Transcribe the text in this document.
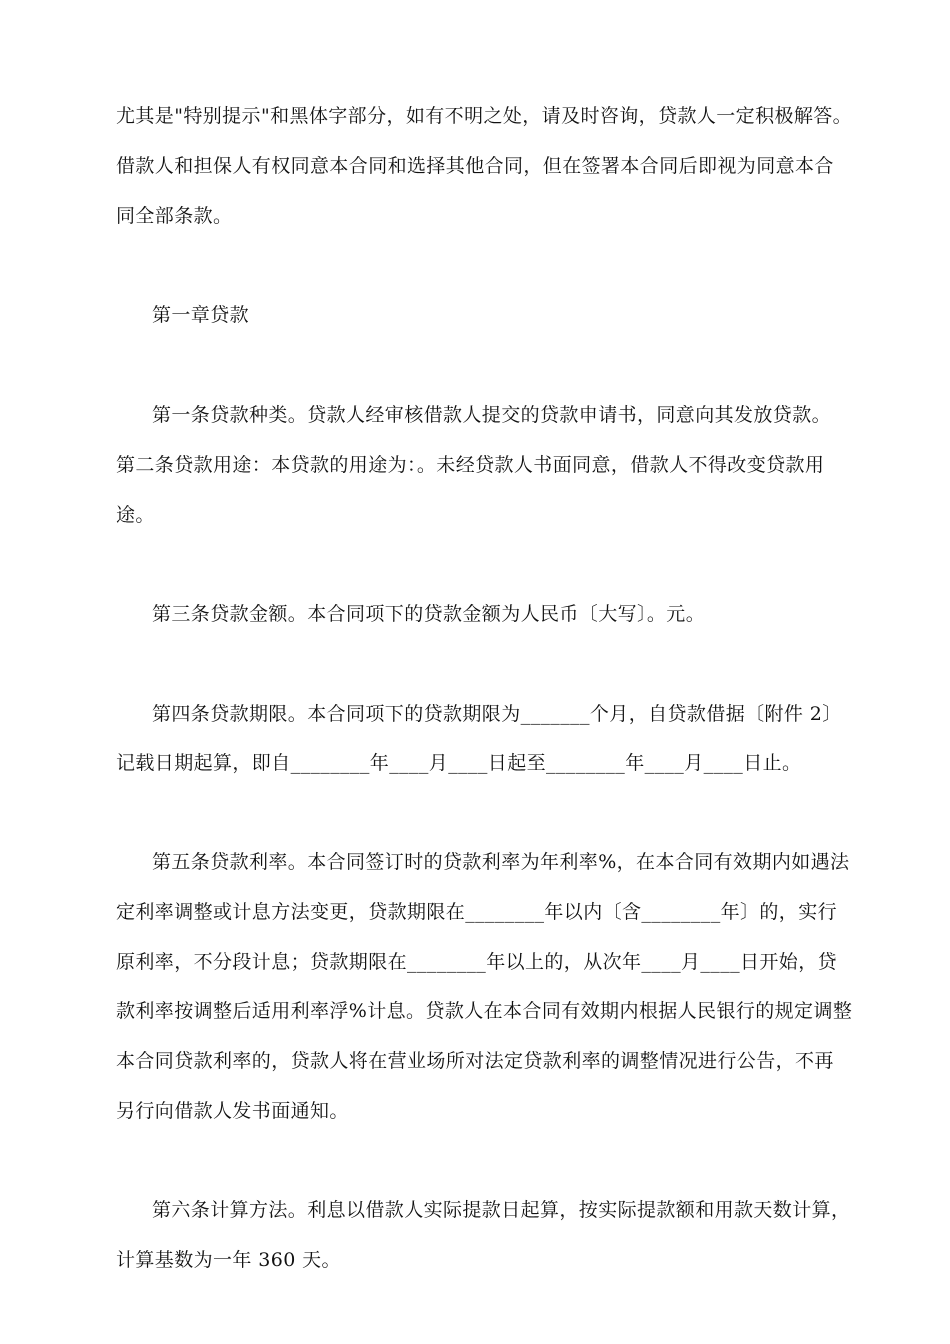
尤其是"特别提示"和黑体字部分，如有不明之处，请及时咨询，贷款人一定积极解答。
借款人和担保人有权同意本合同和选择其他合同，但在签署本合同后即视为同意本合
同全部条款。
第一章贷款
第一条贷款种类。贷款人经审核借款人提交的贷款申请书，同意向其发放贷款。
第二条贷款用途：本贷款的用途为：。未经贷款人书面同意，借款人不得改变贷款用
途。
第三条贷款金额。本合同项下的贷款金额为人民币〔大写〕。元。
第四条贷款期限。本合同项下的贷款期限为_______个月，自贷款借据〔附件 2〕
记载日期起算，即自________年____月____日起至________年____月____日止。
第五条贷款利率。本合同签订时的贷款利率为年利率%，在本合同有效期内如遇法
定利率调整或计息方法变更，贷款期限在________年以内〔含________年〕的，实行
原利率，不分段计息；贷款期限在________年以上的，从次年____月____日开始，贷
款利率按调整后适用利率浮%计息。贷款人在本合同有效期内根据人民银行的规定调整
本合同贷款利率的，贷款人将在营业场所对法定贷款利率的调整情况进行公告，不再
另行向借款人发书面通知。
第六条计算方法。利息以借款人实际提款日起算，按实际提款额和用款天数计算，
计算基数为一年 360 天。
